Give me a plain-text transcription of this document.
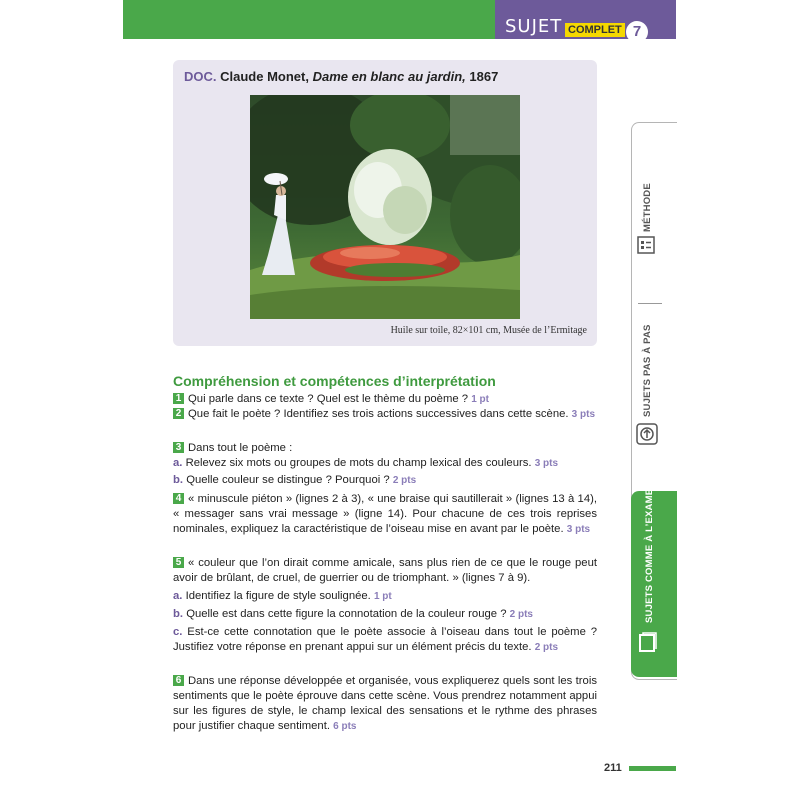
SUJET COMPLET 7
DOC. Claude Monet, Dame en blanc au jardin, 1867
Huile sur toile, 82×101 cm, Musée de l’Ermitage
Compréhension et compétences d’interprétation
1 Qui parle dans ce texte ? Quel est le thème du poème ? 1 pt
2 Que fait le poète ? Identifiez ses trois actions successives dans cette scène. 3 pts
3 Dans tout le poème :
a. Relevez six mots ou groupes de mots du champ lexical des couleurs. 3 pts
b. Quelle couleur se distingue ? Pourquoi ? 2 pts
4 « minuscule piéton » (lignes 2 à 3), « une braise qui sautillerait » (lignes 13 à 14), « messager sans vrai message » (ligne 14). Pour chacune de ces trois reprises nominales, expliquez la caractéristique de l’oiseau mise en avant par le poète. 3 pts
5 « couleur que l’on dirait comme amicale, sans plus rien de ce que le rouge peut avoir de brûlant, de cruel, de guerrier ou de triomphant. » (lignes 7 à 9).
a. Identifiez la figure de style soulignée. 1 pt
b. Quelle est dans cette figure la connotation de la couleur rouge ? 2 pts
c. Est-ce cette connotation que le poète associe à l’oiseau dans tout le poème ? Justifiez votre réponse en prenant appui sur un élément précis du texte. 2 pts
6 Dans une réponse développée et organisée, vous expliquerez quels sont les trois sentiments que le poète éprouve dans cette scène. Vous prendrez notamment appui sur les figures de style, le champ lexical des sensations et le rythme des phrases pour justifier chaque sentiment. 6 pts
MÉTHODE
SUJETS PAS À PAS
SUJETS COMME À L’EXAMEN
211
